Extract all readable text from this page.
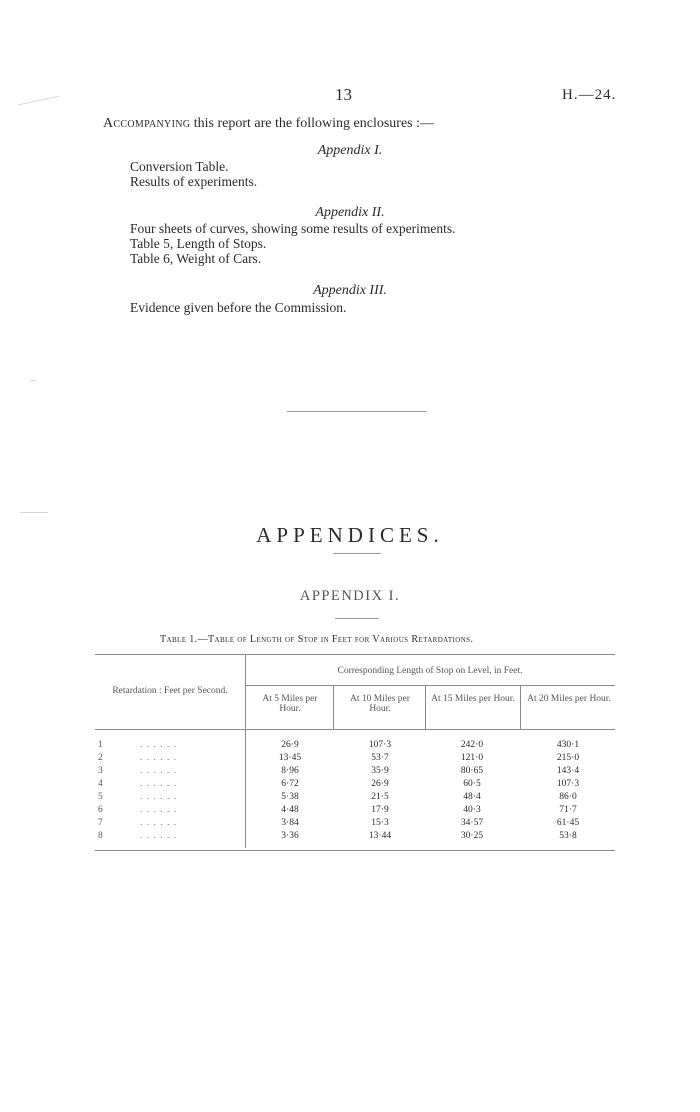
13	H.—24.
Accompanying this report are the following enclosures :—
Appendix I.
Conversion Table.
Results of experiments.
Appendix II.
Four sheets of curves, showing some results of experiments.
Table 5, Length of Stops.
Table 6, Weight of Cars.
Appendix III.
Evidence given before the Commission.
APPENDICES.
APPENDIX I.
Table 1.—Table of Length of Stop in Feet for Various Retardations.
Corresponding Length of Stop on Level, in Feet.
Retardation : Feet per Second.
At 5 Miles per Hour.
At 10 Miles per Hour.
At 15 Miles per Hour. At 20 Miles per Hour.
1	. . . . . .	26·9	107·3	242·0	430·1
2	. . . . . .	13·45	53·7	121·0	215·0
3	. . . . . .	8·96	35·9	80·65	143·4
4	. . . . . .	6·72	26·9	60·5	107·3
5	. . . . . .	5·38	21·5	48·4	86·0
6	. . . . . .	4·48	17·9	40·3	71·7
7	. . . . . .	3·84	15·3	34·57	61·45
8	. . . . . .	3·36	13·44	30·25	53·8
